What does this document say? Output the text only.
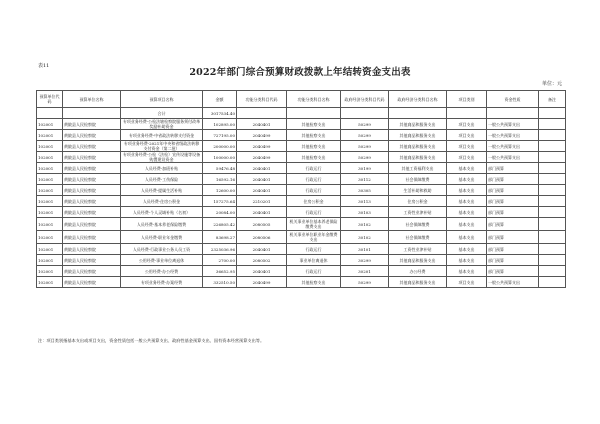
表11
2022年部门综合预算财政拨款上年结转资金支出表
单位：元
预算单位代码	预算单位名称	预算项目名称	金额	功能分类科目代码	功能分类科目名称	政府经济分类科目代码	政府经济分类科目名称	项目类别	资金性质	备注
		合计	3017534.40							
102001	黄陂县人民检察院	专项业务经费-公检法辖检察院服务须付改革奖励补助资金	102895.00	2040401	其他检察支出	50299	其他商品和服务支出	项目支出	一般公共预算支出	
102001	黄陂县人民检察院	专项业务经费-中省政法转移支付资金	727195.00	2040499	其他检察支出	50299	其他商品和服务支出	项目支出	一般公共预算支出	
102001	黄陂县人民检察院	专项业务经费-2021年中央和省级政法转移支付资金（第二批）	200000.00	2040499	其他检察支出	50299	其他商品和服务支出	项目支出	一般公共预算支出	
102001	黄陂县人民检察院	专项业务经费-公检（法检）宣传设施等设备购置建设资金	100000.00	2040499	其他检察支出	50299	其他商品和服务支出	项目支出	一般公共预算支出	
102001	黄陂县人民检察院	人员经费-加班补贴	59476.48	2040401	行政运行	30199	其他工资福利支出	基本支出	部门预算	
102001	黄陂县人民检察院	人员经费-工伤保险	16592.16	2040401	行政运行	30112	社会保障缴费	基本支出	部门预算	
102001	黄陂县人民检察院	人员经费-提属生活补贴	12600.00	2040401	行政运行	30305	生活补助和救助	基本支出	部门预算	
102001	黄陂县人民检察院	人员经费-住房公积金	157275.64	2210201	住房公积金	30113	住房公积金	基本支出	部门预算	
102001	黄陂县人民检察院	人员经费-个人灵域补贴（名初）	20084.00	2040401	行政运行	30103	工资性业津补贴	基本支出	部门预算	
102001	黄陂县人民检察院	人员经费-基本养老保险缴费	226805.42	2080505	机关事业单位基本养老保险缴费支出	30102	社会保障缴费	基本支出	部门预算	
102001	黄陂县人民检察院	人员经费-职业年金缴费	83698.27	2080506	机关事业单位职业年金缴费支出	30102	社会保障缴费	基本支出	部门预算	
102001	黄陂县人民检察院	人员经费-行政事业公务人员工资	2325036.96	2040401	行政运行	30101	工资性业津补贴	基本支出	部门预算	
102001	黄陂县人民检察院	公用经费-事业单位离退休	2700.00	2080502	事业单位离退休	30299	其他商品和服务支出	基本支出	部门预算	
102001	黄陂县人民检察院	公用经费-办公经费	36652.95	2040401	行政运行	30201	办公经费	基本支出	部门预算	
102001	黄陂县人民检察院	专项业务经费-办案经费	332510.50	2040499	其他检察支出	50299	其他商品和服务支出	项目支出	一般公共预算支出	
注：项目类别指基本支出或项目支出，资金性质包括一般公共预算支出、政府性基金预算支出、国有资本经营预算支出等。
